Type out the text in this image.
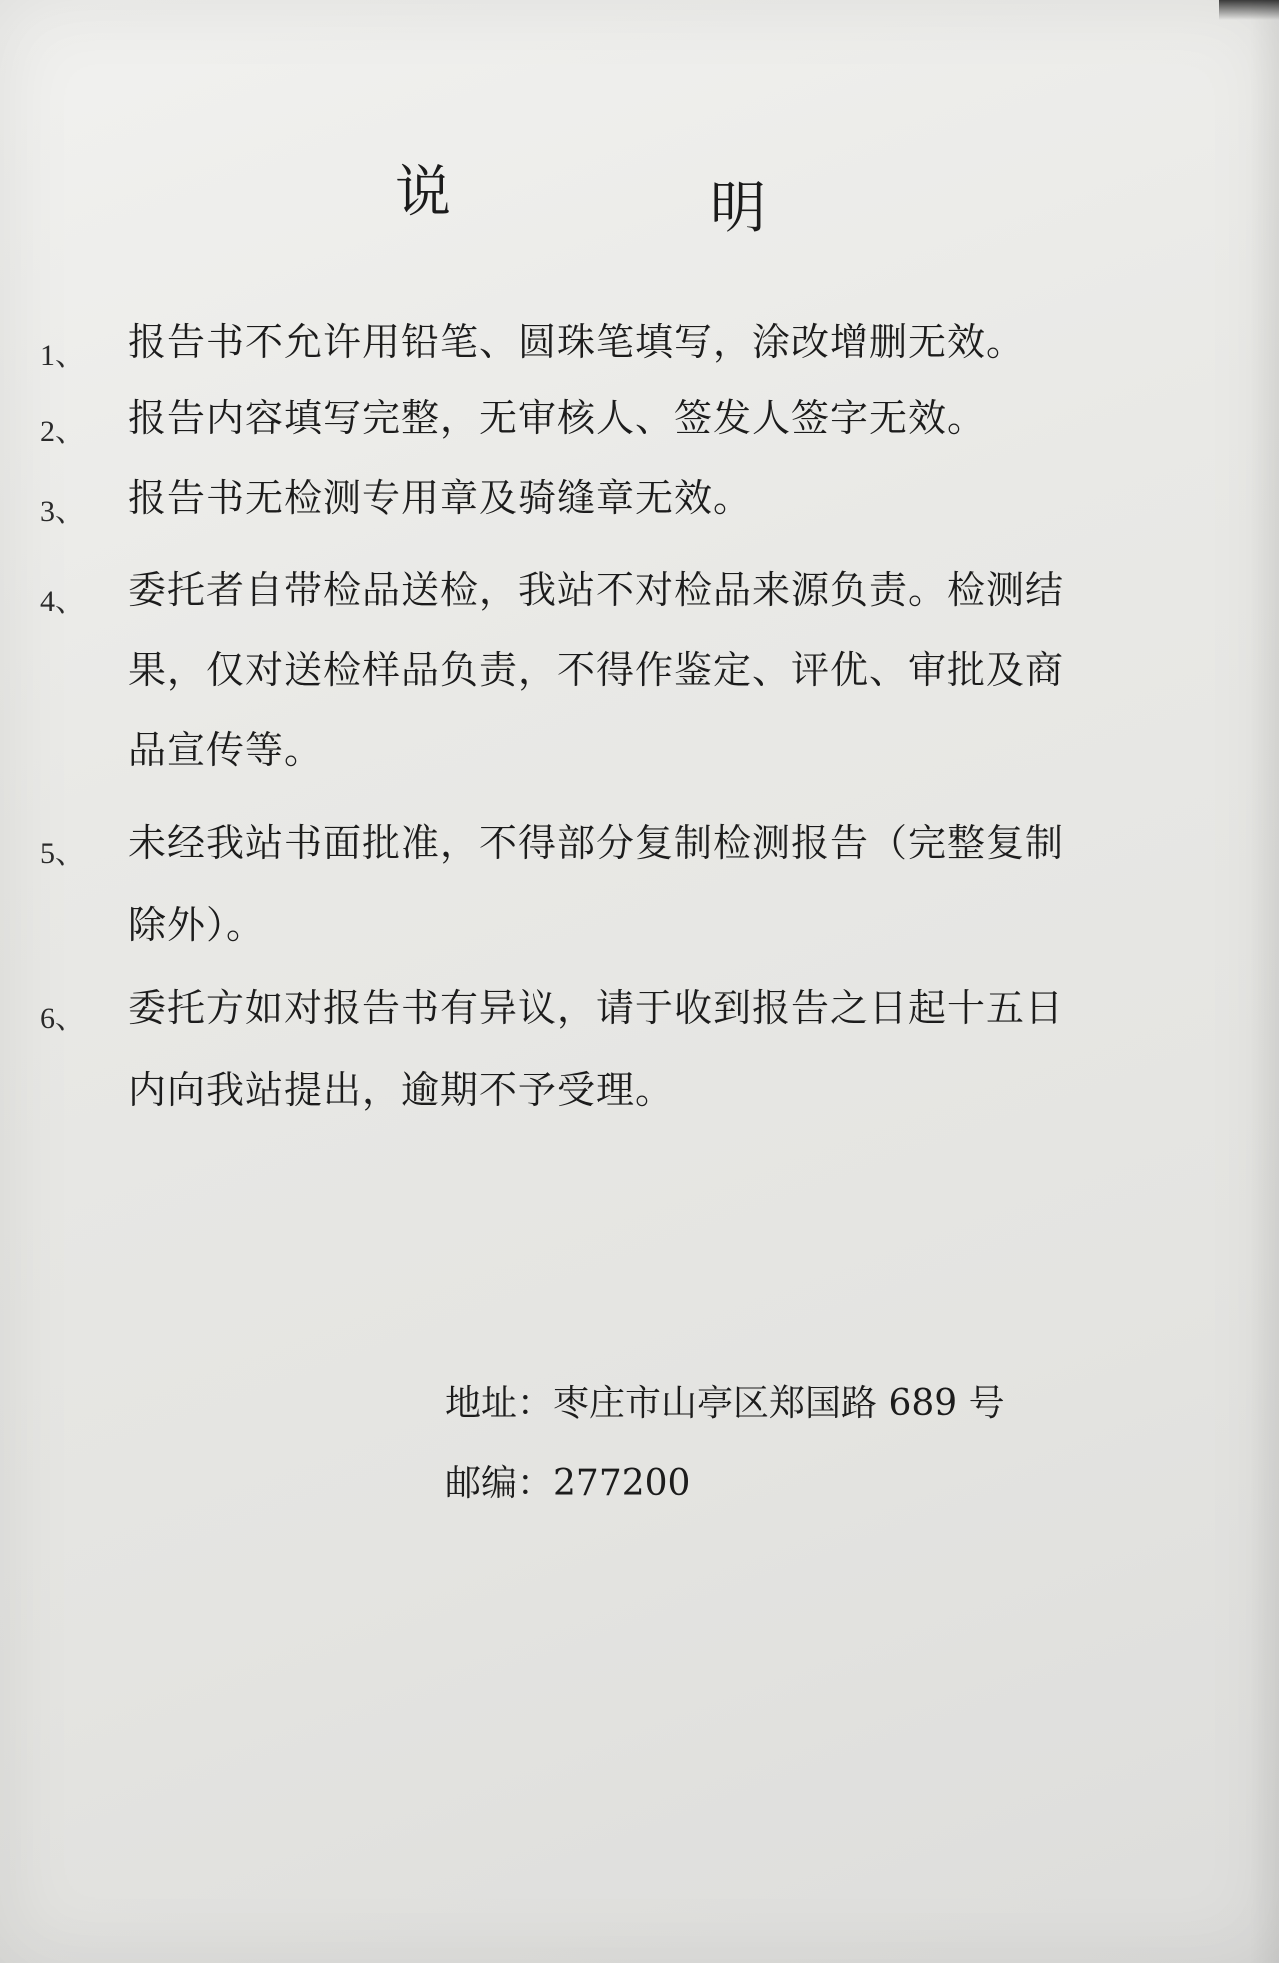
说	明
1、 报告书不允许用铅笔、圆珠笔填写，涂改增删无效。
2、 报告内容填写完整，无审核人、签发人签字无效。
3、 报告书无检测专用章及骑缝章无效。
4、 委托者自带检品送检，我站不对检品来源负责。检测结果，仅对送检样品负责，不得作鉴定、评优、审批及商品宣传等。
5、 未经我站书面批准，不得部分复制检测报告（完整复制除外）。
6、 委托方如对报告书有异议，请于收到报告之日起十五日内向我站提出，逾期不予受理。
地址：枣庄市山亭区郑国路 689 号
邮编：277200
